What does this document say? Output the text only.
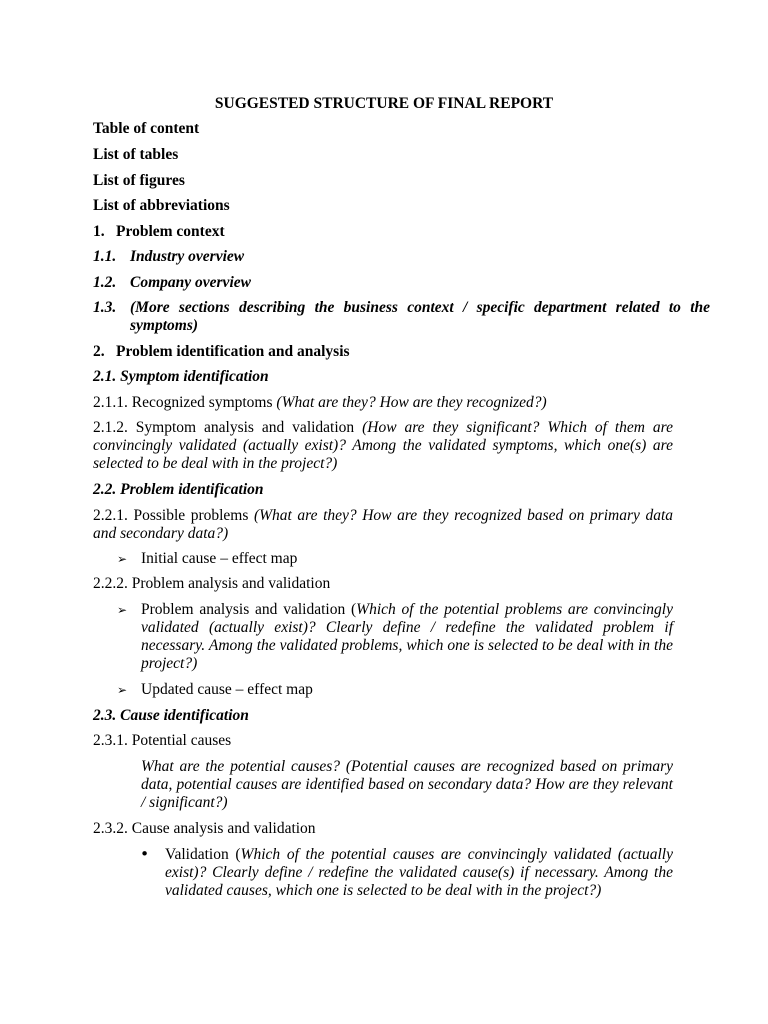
SUGGESTED STRUCTURE OF FINAL REPORT
Table of content
List of tables
List of figures
List of abbreviations
1. Problem context
1.1. Industry overview
1.2. Company overview
1.3. (More sections describing the business context / specific department related to the symptoms)
2. Problem identification and analysis
2.1. Symptom identification
2.1.1. Recognized symptoms (What are they? How are they recognized?)
2.1.2. Symptom analysis and validation (How are they significant? Which of them are convincingly validated (actually exist)? Among the validated symptoms, which one(s) are selected to be deal with in the project?)
2.2. Problem identification
2.2.1. Possible problems (What are they? How are they recognized based on primary data and secondary data?)
➢ Initial cause – effect map
2.2.2. Problem analysis and validation
➢ Problem analysis and validation (Which of the potential problems are convincingly validated (actually exist)? Clearly define / redefine the validated problem if necessary. Among the validated problems, which one is selected to be deal with in the project?)
➢ Updated cause – effect map
2.3. Cause identification
2.3.1. Potential causes
What are the potential causes? (Potential causes are recognized based on primary data, potential causes are identified based on secondary data? How are they relevant / significant?)
2.3.2. Cause analysis and validation
• Validation (Which of the potential causes are convincingly validated (actually exist)? Clearly define / redefine the validated cause(s) if necessary. Among the validated causes, which one is selected to be deal with in the project?)
